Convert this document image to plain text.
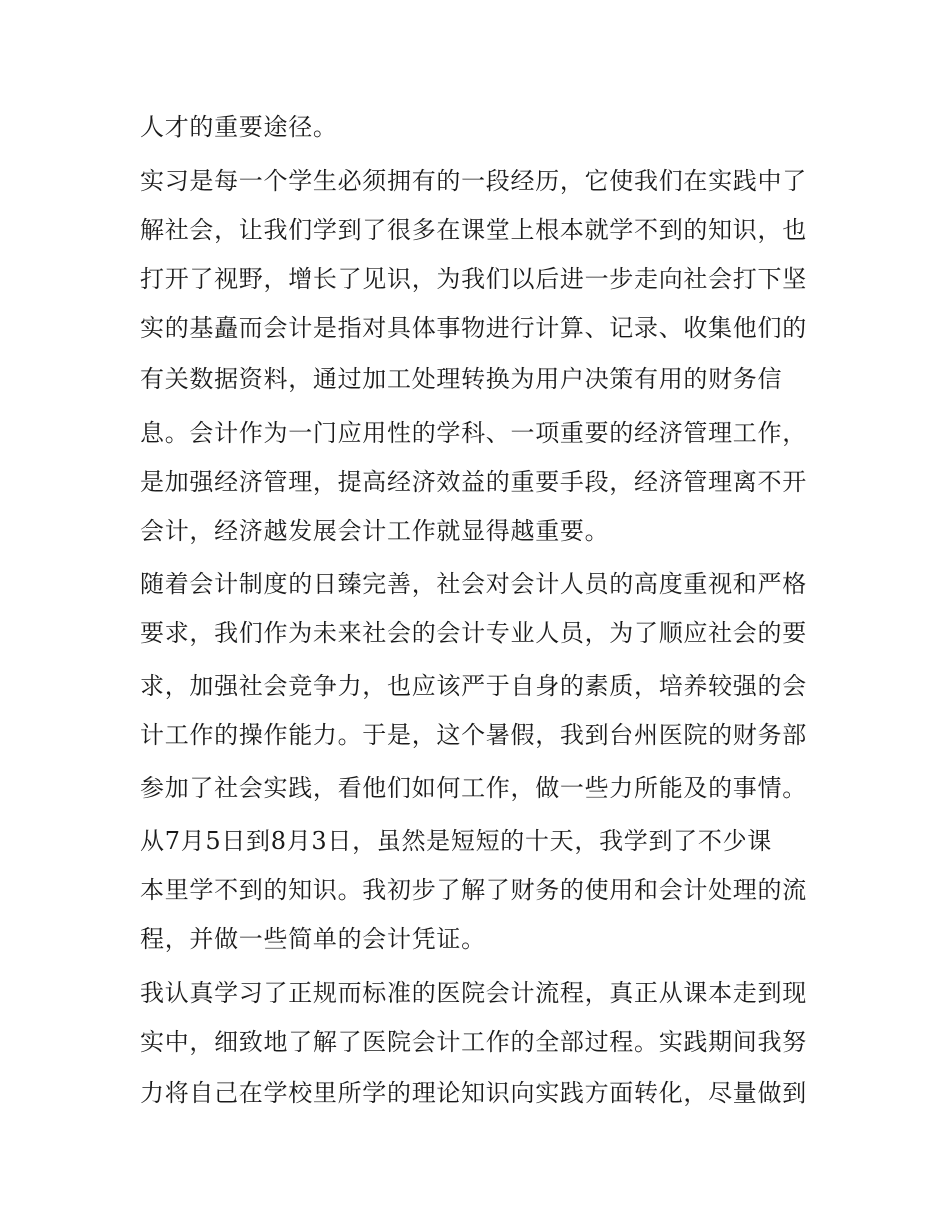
人才的重要途径。
实习是每一个学生必须拥有的一段经历，它使我们在实践中了
解社会，让我们学到了很多在课堂上根本就学不到的知识，也
打开了视野，增长了见识，为我们以后进一步走向社会打下坚
实的基矗而会计是指对具体事物进行计算、记录、收集他们的
有关数据资料，通过加工处理转换为用户决策有用的财务信
息。会计作为一门应用性的学科、一项重要的经济管理工作，
是加强经济管理，提高经济效益的重要手段，经济管理离不开
会计，经济越发展会计工作就显得越重要。
随着会计制度的日臻完善，社会对会计人员的高度重视和严格
要求，我们作为未来社会的会计专业人员，为了顺应社会的要
求，加强社会竞争力，也应该严于自身的素质，培养较强的会
计工作的操作能力。于是，这个暑假，我到台州医院的财务部
参加了社会实践，看他们如何工作，做一些力所能及的事情。
从7月5日到8月3日，虽然是短短的十天，我学到了不少课
本里学不到的知识。我初步了解了财务的使用和会计处理的流
程，并做一些简单的会计凭证。
我认真学习了正规而标准的医院会计流程，真正从课本走到现
实中，细致地了解了医院会计工作的全部过程。实践期间我努
力将自己在学校里所学的理论知识向实践方面转化，尽量做到
